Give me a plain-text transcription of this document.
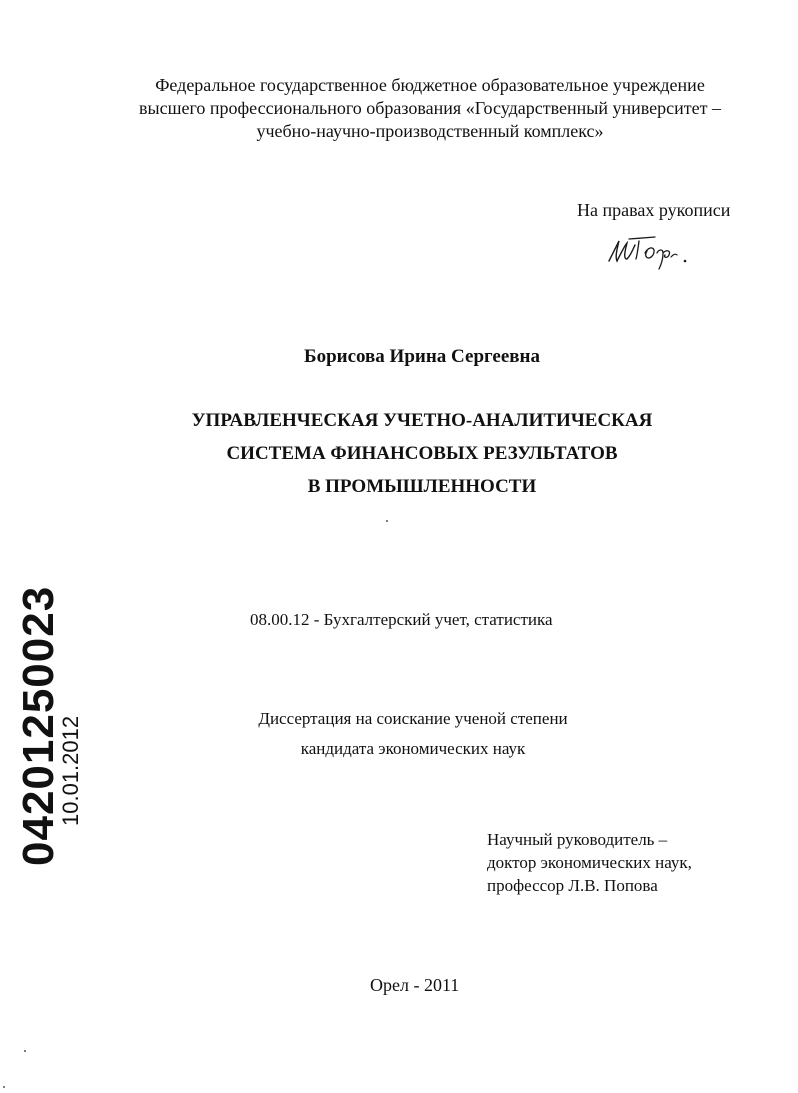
Федеральное государственное бюджетное образовательное учреждение
высшего профессионального образования «Государственный университет –
учебно-научно-производственный комплекс»
На правах рукописи
Борисова Ирина Сергеевна
УПРАВЛЕНЧЕСКАЯ УЧЕТНО-АНАЛИТИЧЕСКАЯ
СИСТЕМА ФИНАНСОВЫХ РЕЗУЛЬТАТОВ
В ПРОМЫШЛЕННОСТИ
08.00.12 - Бухгалтерский учет, статистика
Диссертация на соискание ученой степени
кандидата экономических наук
Научный руководитель –
доктор экономических наук,
профессор Л.В. Попова
Орел - 2011
04201250023
10.01.2012
